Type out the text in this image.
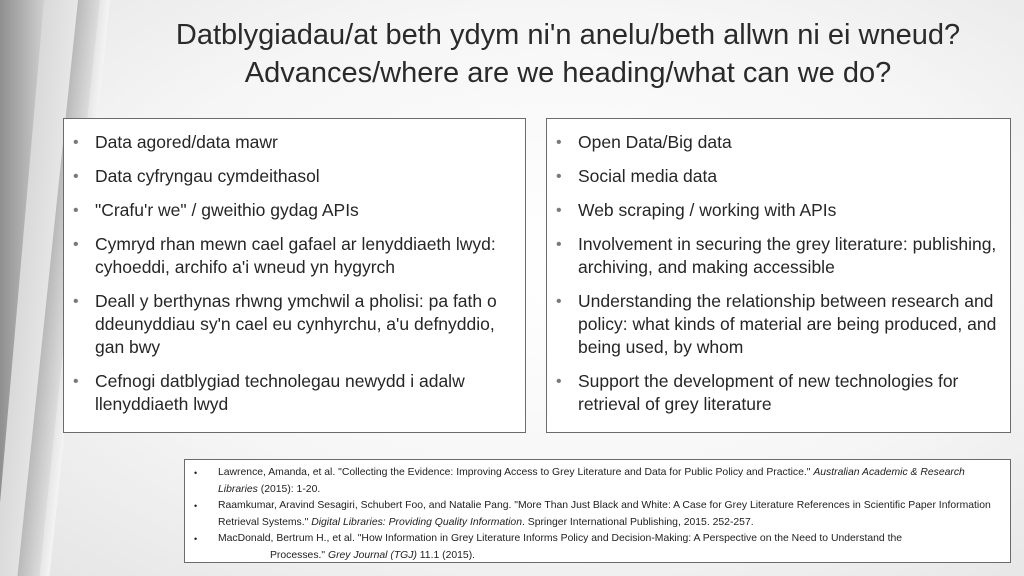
Datblygiadau/at beth ydym ni'n anelu/beth allwn ni ei wneud?
Advances/where are we heading/what can we do?
• Data agored/data mawr
• Data cyfryngau cymdeithasol
• "Crafu'r we" / gweithio gydag APIs
• Cymryd rhan mewn cael gafael ar lenyddiaeth lwyd: cyhoeddi, archifo a'i wneud yn hygyrch
• Deall y berthynas rhwng ymchwil a pholisi: pa fath o ddeunyddiau sy'n cael eu cynhyrchu, a'u defnyddio, gan bwy
• Cefnogi datblygiad technolegau newydd i adalw llenyddiaeth lwyd
• Open Data/Big data
• Social media data
• Web scraping / working with APIs
• Involvement in securing the grey literature: publishing, archiving, and making accessible
• Understanding the relationship between research and policy: what kinds of material are being produced, and being used, by whom
• Support the development of new technologies for retrieval of grey literature
• Lawrence, Amanda, et al. "Collecting the Evidence: Improving Access to Grey Literature and Data for Public Policy and Practice." Australian Academic & Research Libraries (2015): 1-20.
• Raamkumar, Aravind Sesagiri, Schubert Foo, and Natalie Pang. "More Than Just Black and White: A Case for Grey Literature References in Scientific Paper Information Retrieval Systems." Digital Libraries: Providing Quality Information. Springer International Publishing, 2015. 252-257.
• MacDonald, Bertrum H., et al. "How Information in Grey Literature Informs Policy and Decision-Making: A Perspective on the Need to Understand the
Processes." Grey Journal (TGJ) 11.1 (2015).
